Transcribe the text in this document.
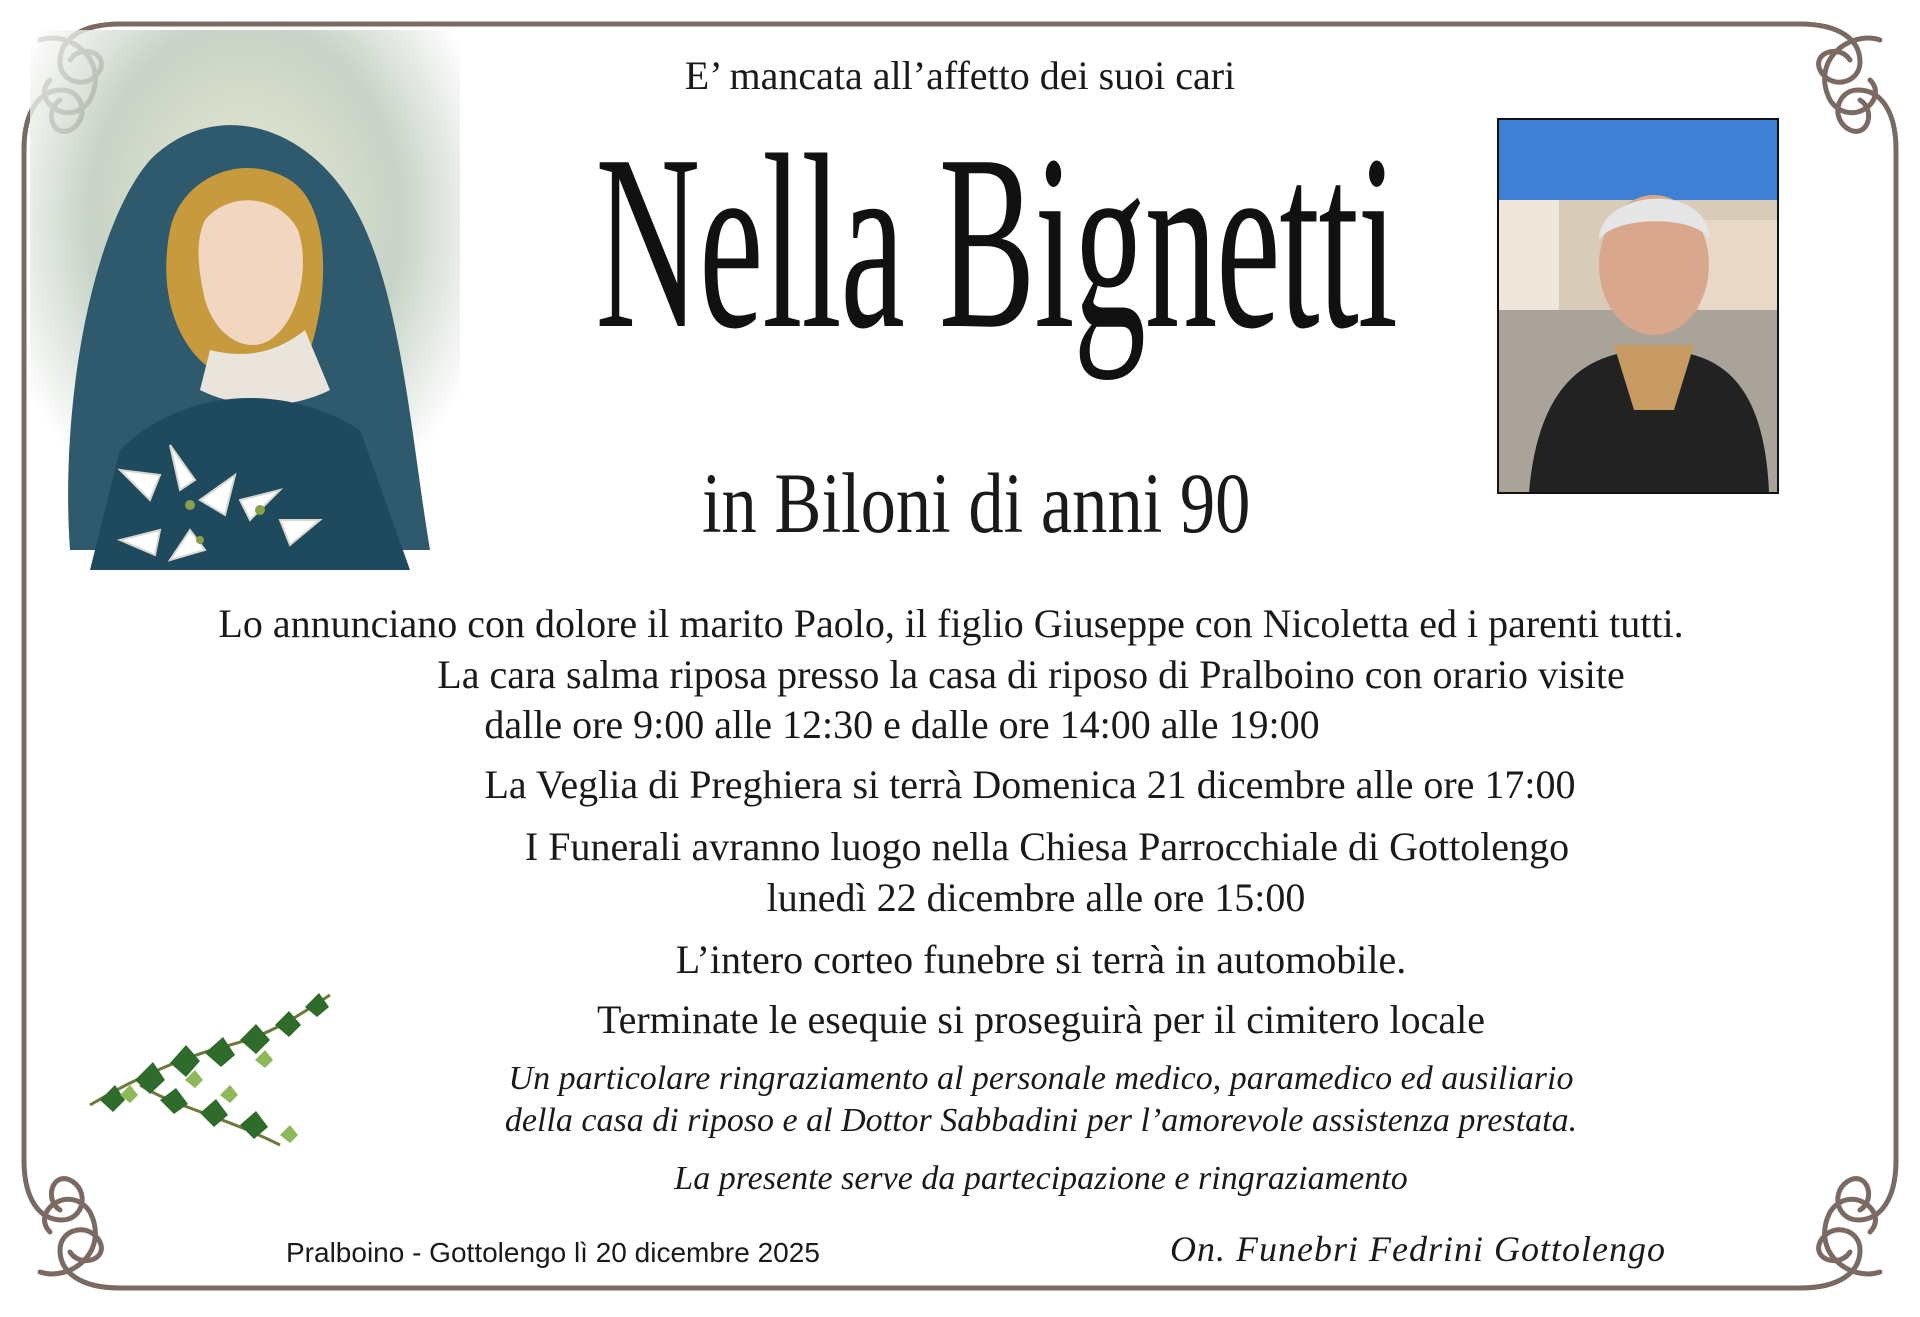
E’ mancata all’affetto dei suoi cari
Nella Bignetti
in Biloni di anni 90
Lo annunciano con dolore il marito Paolo, il figlio Giuseppe con Nicoletta ed i parenti tutti.
La cara salma riposa presso la casa di riposo di Pralboino con orario visite
dalle ore 9:00 alle 12:30 e dalle ore 14:00 alle 19:00
La Veglia di Preghiera si terrà Domenica 21 dicembre alle ore 17:00
I Funerali avranno luogo nella Chiesa Parrocchiale di Gottolengo
lunedì 22 dicembre alle ore 15:00
L’intero corteo funebre si terrà in automobile.
Terminate le esequie si proseguirà per il cimitero locale
Un particolare ringraziamento al personale medico, paramedico ed ausiliario
della casa di riposo e al Dottor Sabbadini per l’amorevole assistenza prestata.
La presente serve da partecipazione e ringraziamento
Pralboino - Gottolengo lì 20 dicembre 2025	On. Funebri Fedrini Gottolengo
